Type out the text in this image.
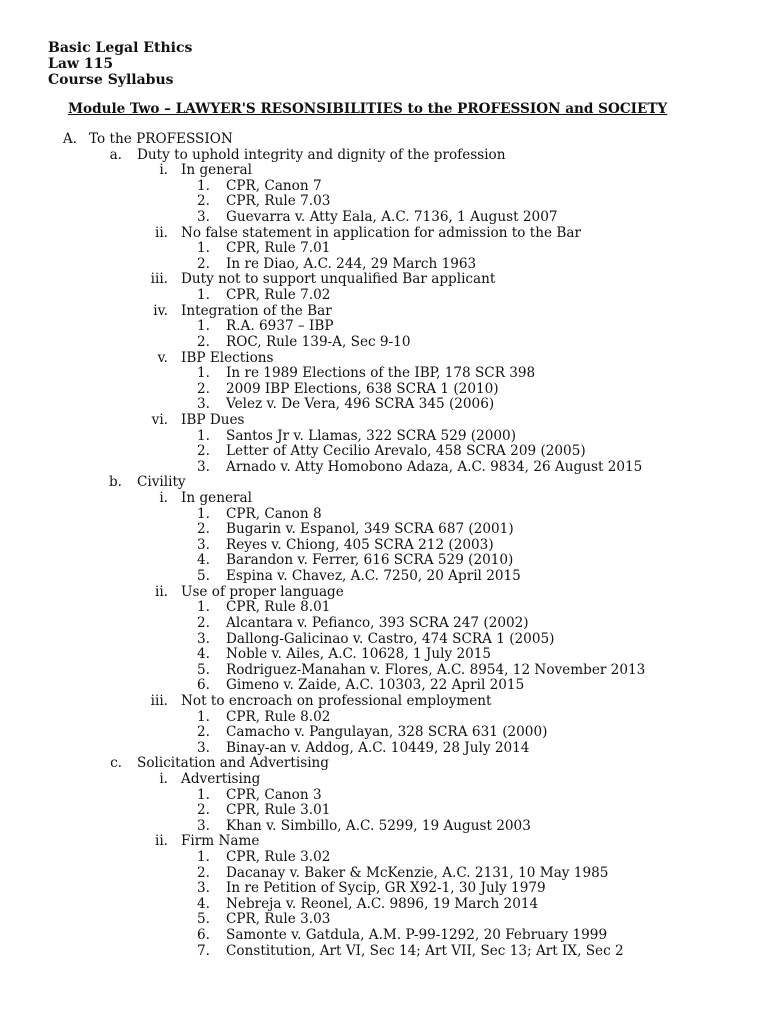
Basic Legal Ethics
Law 115
Course Syllabus
Module Two – LAWYER'S RESONSIBILITIES to the PROFESSION and SOCIETY
A. To the PROFESSION
a. Duty to uphold integrity and dignity of the profession
i. In general
1. CPR, Canon 7
2. CPR, Rule 7.03
3. Guevarra v. Atty Eala, A.C. 7136, 1 August 2007
ii. No false statement in application for admission to the Bar
1. CPR, Rule 7.01
2. In re Diao, A.C. 244, 29 March 1963
iii. Duty not to support unqualified Bar applicant
1. CPR, Rule 7.02
iv. Integration of the Bar
1. R.A. 6937 – IBP
2. ROC, Rule 139-A, Sec 9-10
v. IBP Elections
1. In re 1989 Elections of the IBP, 178 SCR 398
2. 2009 IBP Elections, 638 SCRA 1 (2010)
3. Velez v. De Vera, 496 SCRA 345 (2006)
vi. IBP Dues
1. Santos Jr v. Llamas, 322 SCRA 529 (2000)
2. Letter of Atty Cecilio Arevalo, 458 SCRA 209 (2005)
3. Arnado v. Atty Homobono Adaza, A.C. 9834, 26 August 2015
b. Civility
i. In general
1. CPR, Canon 8
2. Bugarin v. Espanol, 349 SCRA 687 (2001)
3. Reyes v. Chiong, 405 SCRA 212 (2003)
4. Barandon v. Ferrer, 616 SCRA 529 (2010)
5. Espina v. Chavez, A.C. 7250, 20 April 2015
ii. Use of proper language
1. CPR, Rule 8.01
2. Alcantara v. Pefianco, 393 SCRA 247 (2002)
3. Dallong-Galicinao v. Castro, 474 SCRA 1 (2005)
4. Noble v. Ailes, A.C. 10628, 1 July 2015
5. Rodriguez-Manahan v. Flores, A.C. 8954, 12 November 2013
6. Gimeno v. Zaide, A.C. 10303, 22 April 2015
iii. Not to encroach on professional employment
1. CPR, Rule 8.02
2. Camacho v. Pangulayan, 328 SCRA 631 (2000)
3. Binay-an v. Addog, A.C. 10449, 28 July 2014
c. Solicitation and Advertising
i. Advertising
1. CPR, Canon 3
2. CPR, Rule 3.01
3. Khan v. Simbillo, A.C. 5299, 19 August 2003
ii. Firm Name
1. CPR, Rule 3.02
2. Dacanay v. Baker & McKenzie, A.C. 2131, 10 May 1985
3. In re Petition of Sycip, GR X92-1, 30 July 1979
4. Nebreja v. Reonel, A.C. 9896, 19 March 2014
5. CPR, Rule 3.03
6. Samonte v. Gatdula, A.M. P-99-1292, 20 February 1999
7. Constitution, Art VI, Sec 14; Art VII, Sec 13; Art IX, Sec 2
